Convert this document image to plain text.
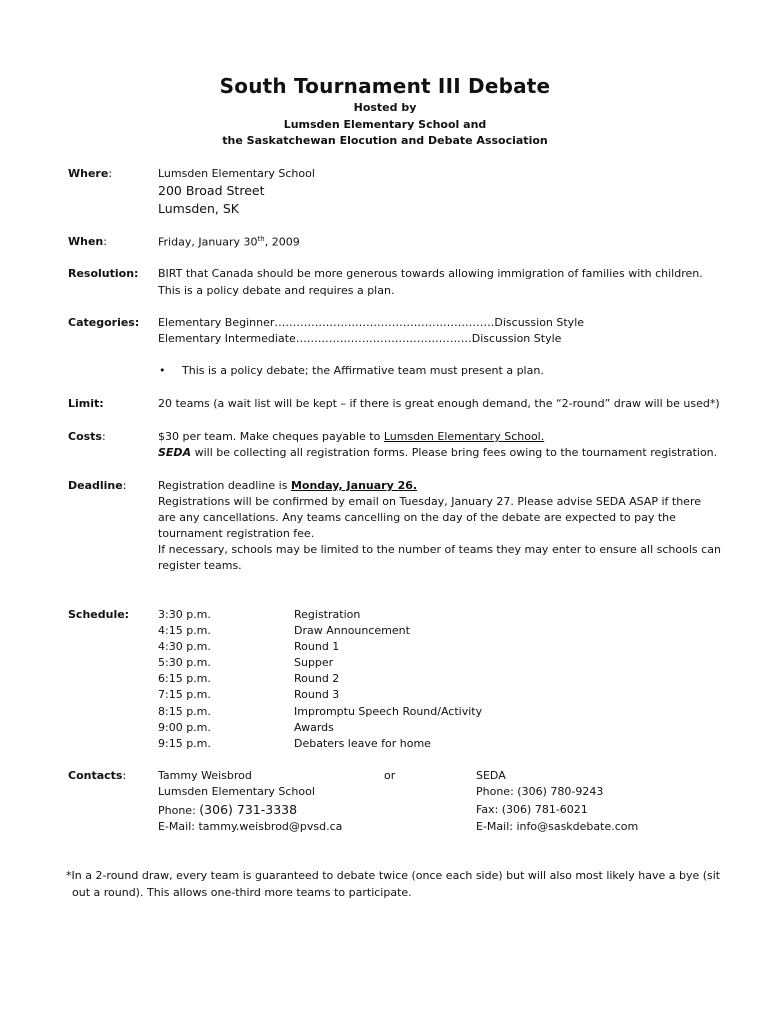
South Tournament III Debate
Hosted by
Lumsden Elementary School and
the Saskatchewan Elocution and Debate Association
Where:	Lumsden Elementary School
200 Broad Street
Lumsden, SK
When:	Friday, January 30th, 2009
Resolution: BIRT that Canada should be more generous towards allowing immigration of families with children.
This is a policy debate and requires a plan.
Categories: Elementary Beginner……………………………………………………Discussion Style
Elementary Intermediate…………………………………………Discussion Style
• This is a policy debate; the Affirmative team must present a plan.
Limit:	20 teams (a wait list will be kept – if there is great enough demand, the “2-round” draw will be used*)
Costs:	$30 per team. Make cheques payable to Lumsden Elementary School.
SEDA will be collecting all registration forms. Please bring fees owing to the tournament registration.
Deadline:	Registration deadline is Monday, January 26.
Registrations will be confirmed by email on Tuesday, January 27. Please advise SEDA ASAP if there
are any cancellations. Any teams cancelling on the day of the debate are expected to pay the
tournament registration fee.
If necessary, schools may be limited to the number of teams they may enter to ensure all schools can
register teams.
Schedule:	3:30 p.m.	Registration
4:15 p.m.	Draw Announcement
4:30 p.m.	Round 1
5:30 p.m.	Supper
6:15 p.m.	Round 2
7:15 p.m.	Round 3
8:15 p.m.	Impromptu Speech Round/Activity
9:00 p.m.	Awards
9:15 p.m.	Debaters leave for home
Contacts:	Tammy Weisbrod	or	SEDA
Lumsden Elementary School	Phone: (306) 780-9243
Phone: (306) 731-3338	Fax: (306) 781-6021
E-Mail: tammy.weisbrod@pvsd.ca	E-Mail: info@saskdebate.com
*In a 2-round draw, every team is guaranteed to debate twice (once each side) but will also most likely have a bye (sit
out a round). This allows one-third more teams to participate.
